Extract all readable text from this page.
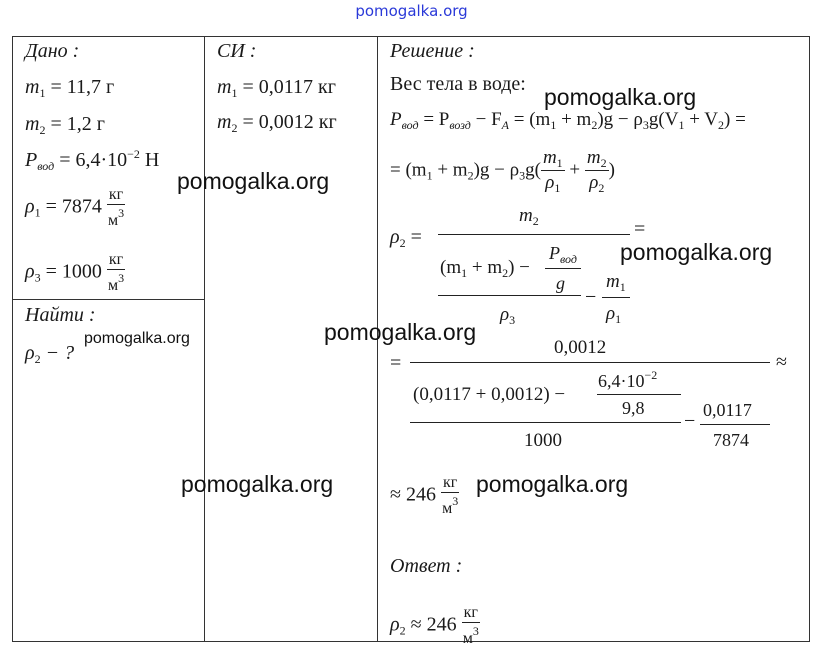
pomogalka.org
Дано :
$m_1 = 11,7$ г
$m_2 = 1,2$ г
$P_{вод} = 6,4\cdot 10^{-2}$ Н
$\rho_1 = 7874 \frac{кг}{м^3}$
$\rho_3 = 1000 \frac{кг}{м^3}$
Найти :
$\rho_2$ − ?
СИ :
$m_1 = 0,0117$ кг
$m_2 = 0,0012$ кг
Решение :
Вес тела в воде:
$P_{вод} = P_{возд} - F_A = (m_1 + m_2)g - \rho_3g(V_1 + V_2)$ =
= $(m_1 + m_2)g - \rho_3g( \frac{m_1}{\rho_1} + \frac{m_2}{\rho_2}$ )
$\rho_2$ =
$m_2$	=
$(m_1 + m_2)$ −
$P_{вод}$
g
$\rho_3$
−
$m_1$
$\rho_1$
=
0,0012
≈
(0,0117 + 0,0012) −
$6,4\cdot 10^{-2}$
9,8
1000
− 0,0117
7874
≈ $246 \frac{кг}{м^3}$
Ответ :
$\rho_2 \approx 246 \frac{кг}{м^3}$
pomogalka.org
pomogalka.org
pomogalka.org
pomogalka.org
pomogalka.org
pomogalka.org	pomogalka.org
